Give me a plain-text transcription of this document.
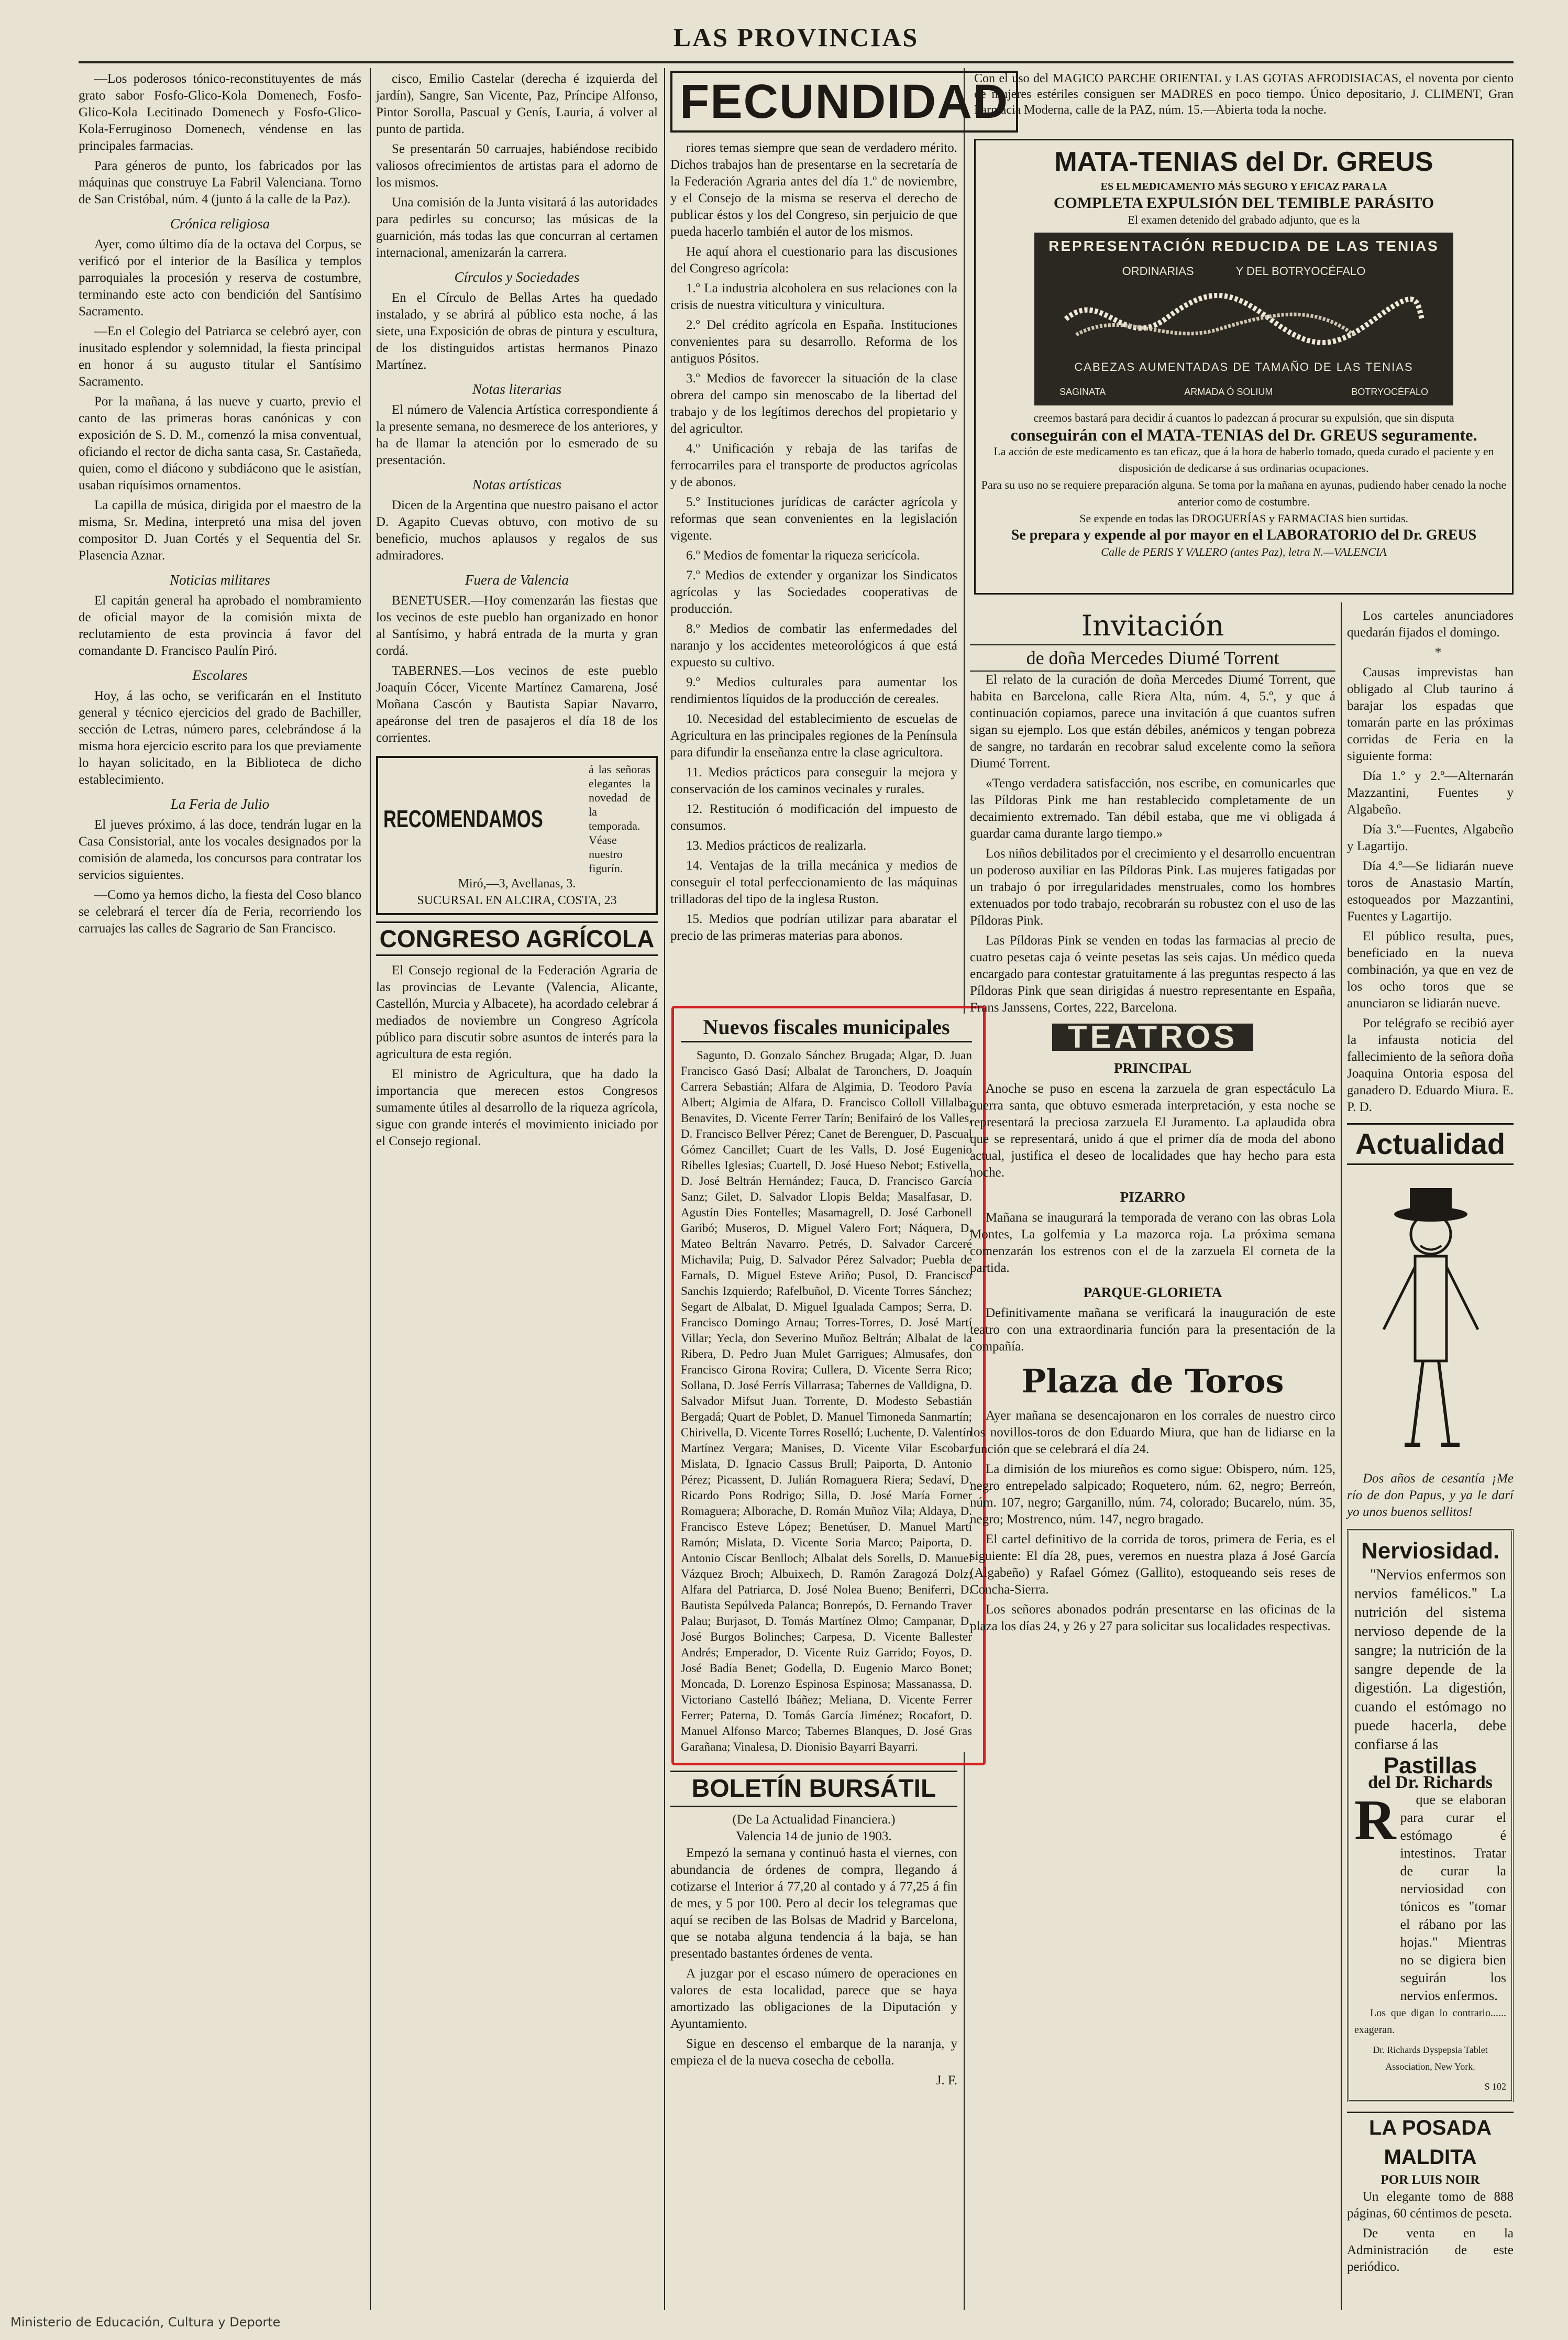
LAS PROVINCIAS

—Los poderosos tónico-reconstituyentes de más grato sabor Fosfo-Glico-Kola Domenech, Fosfo-Glico-Kola Lecitinado Domenech y Fosfo-Glico-Kola-Ferruginoso Domenech, véndense en las principales farmacias.

Para géneros de punto, los fabricados por las máquinas que construye La Fabril Valenciana. Torno de San Cristóbal, núm. 4 (junto á la calle de la Paz).

Crónica religiosa

Ayer, como último día de la octava del Corpus, se verificó por el interior de la Basílica y templos parroquiales la procesión y reserva de costumbre, terminando este acto con bendición del Santísimo Sacramento.

—En el Colegio del Patriarca se celebró ayer, con inusitado esplendor y solemnidad, la fiesta principal en honor á su augusto titular el Santísimo Sacramento.

Por la mañana, á las nueve y cuarto, previo el canto de las primeras horas canónicas y con exposición de S. D. M., comenzó la misa conventual, oficiando el rector de dicha santa casa, Sr. Castañeda, quien, como el diácono y subdiácono que le asistían, usaban riquísimos ornamentos.

La capilla de música, dirigida por el maestro de la misma, Sr. Medina, interpretó una misa del joven compositor D. Juan Cortés y el Sequentia del Sr. Plasencia Aznar.

Noticias militares

El capitán general ha aprobado el nombramiento de oficial mayor de la comisión mixta de reclutamiento de esta provincia á favor del comandante D. Francisco Paulín Piró.

Escolares

Hoy, á las ocho, se verificarán en el Instituto general y técnico ejercicios del grado de Bachiller, sección de Letras, número pares, celebrándose á la misma hora ejercicio escrito para los que previamente lo hayan solicitado, en la Biblioteca de dicho establecimiento.

La Feria de Julio

El jueves próximo, á las doce, tendrán lugar en la Casa Consistorial, ante los vocales designados por la comisión de alameda, los concursos para contratar los servicios siguientes.

—Como ya hemos dicho, la fiesta del Coso blanco se celebrará el tercer día de Feria, recorriendo los carruajes las calles de Sagrario de San Francisco.

cisco, Emilio Castelar (derecha é izquierda del jardín), Sangre, San Vicente, Paz, Príncipe Alfonso, Pintor Sorolla, Pascual y Genís, Lauria, á volver al punto de partida.

Se presentarán 50 carruajes, habiéndose recibido valiosos ofrecimientos de artistas para el adorno de los mismos.

Una comisión de la Junta visitará á las autoridades para pedirles su concurso; las músicas de la guarnición, más todas las que concurran al certamen internacional, amenizarán la carrera.

Círculos y Sociedades

En el Círculo de Bellas Artes ha quedado instalado, y se abrirá al público esta noche, á las siete, una Exposición de obras de pintura y escultura, de los distinguidos artistas hermanos Pinazo Martínez.

Notas literarias

El número de Valencia Artística correspondiente á la presente semana, no desmerece de los anteriores, y ha de llamar la atención por lo esmerado de su presentación.

Notas artísticas

Dicen de la Argentina que nuestro paisano el actor D. Agapito Cuevas obtuvo, con motivo de su beneficio, muchos aplausos y regalos de sus admiradores.

Fuera de Valencia

BENETUSER.—Hoy comenzarán las fiestas que los vecinos de este pueblo han organizado en honor al Santísimo, y habrá entrada de la murta y gran cordá.

TABERNES.—Los vecinos de este pueblo Joaquín Cócer, Vicente Martínez Camarena, José Moñana Cascón y Bautista Sapiar Navarro, apeáronse del tren de pasajeros el día 18 de los corrientes.

RECOMENDAMOS
á las señoras elegantes la novedad de la temporada. Véase nuestro figurín.
Miró,—3, Avellanas, 3.
SUCURSAL EN ALCIRA, COSTA, 23
CONGRESO AGRÍCOLA

El Consejo regional de la Federación Agraria de las provincias de Levante (Valencia, Alicante, Castellón, Murcia y Albacete), ha acordado celebrar á mediados de noviembre un Congreso Agrícola público para discutir sobre asuntos de interés para la agricultura de esta región.

El ministro de Agricultura, que ha dado la importancia que merecen estos Congresos sumamente útiles al desarrollo de la riqueza agrícola, sigue con grande interés el movimiento iniciado por el Consejo regional.

FECUNDIDAD

riores temas siempre que sean de verdadero mérito. Dichos trabajos han de presentarse en la secretaría de la Federación Agraria antes del día 1.º de noviembre, y el Consejo de la misma se reserva el derecho de publicar éstos y los del Congreso, sin perjuicio de que pueda hacerlo también el autor de los mismos.

He aquí ahora el cuestionario para las discusiones del Congreso agrícola:

1.º La industria alcoholera en sus relaciones con la crisis de nuestra viticultura y vinicultura.

2.º Del crédito agrícola en España. Instituciones convenientes para su desarrollo. Reforma de los antiguos Pósitos.

3.º Medios de favorecer la situación de la clase obrera del campo sin menoscabo de la libertad del trabajo y de los legítimos derechos del propietario y del agricultor.

4.º Unificación y rebaja de las tarifas de ferrocarriles para el transporte de productos agrícolas y de abonos.

5.º Instituciones jurídicas de carácter agrícola y reformas que sean convenientes en la legislación vigente.

6.º Medios de fomentar la riqueza sericícola.

7.º Medios de extender y organizar los Sindicatos agrícolas y las Sociedades cooperativas de producción.

8.º Medios de combatir las enfermedades del naranjo y los accidentes meteorológicos á que está expuesto su cultivo.

9.º Medios culturales para aumentar los rendimientos líquidos de la producción de cereales.

10. Necesidad del establecimiento de escuelas de Agricultura en las principales regiones de la Península para difundir la enseñanza entre la clase agricultora.

11. Medios prácticos para conseguir la mejora y conservación de los caminos vecinales y rurales.

12. Restitución ó modificación del impuesto de consumos.

13. Medios prácticos de realizarla.

14. Ventajas de la trilla mecánica y medios de conseguir el total perfeccionamiento de las máquinas trilladoras del tipo de la inglesa Ruston.

15. Medios que podrían utilizar para abaratar el precio de las primeras materias para abonos.

Con el uso del MAGICO PARCHE ORIENTAL y LAS GOTAS AFRODISIACAS, el noventa por ciento de mujeres estériles consiguen ser MADRES en poco tiempo. Único depositario, J. CLIMENT, Gran Farmacia Moderna, calle de la PAZ, núm. 15.—Abierta toda la noche.
Nuevos fiscales municipales

Sagunto, D. Gonzalo Sánchez Brugada; Algar, D. Juan Francisco Gasó Dasí; Albalat de Taronchers, D. Joaquín Carrera Sebastián; Alfara de Algimia, D. Teodoro Pavía Albert; Algimia de Alfara, D. Francisco Colloll Villalba; Benavites, D. Vicente Ferrer Tarín; Benifairó de los Valles, D. Francisco Bellver Pérez; Canet de Berenguer, D. Pascual Gómez Cancillet; Cuart de les Valls, D. José Eugenio Ribelles Iglesias; Cuartell, D. José Hueso Nebot; Estivella, D. José Beltrán Hernández; Fauca, D. Francisco García Sanz; Gilet, D. Salvador Llopis Belda; Masalfasar, D. Agustín Dies Fontelles; Masamagrell, D. José Carbonell Garibó; Museros, D. Miguel Valero Fort; Náquera, D. Mateo Beltrán Navarro. Petrés, D. Salvador Carceré Michavila; Puig, D. Salvador Pérez Salvador; Puebla de Farnals, D. Miguel Esteve Ariño; Pusol, D. Francisco Sanchis Izquierdo; Rafelbuñol, D. Vicente Torres Sánchez; Segart de Albalat, D. Miguel Igualada Campos; Serra, D. Francisco Domingo Arnau; Torres-Torres, D. José Martí Villar; Yecla, don Severino Muñoz Beltrán; Albalat de la Ribera, D. Pedro Juan Mulet Garrigues; Almusafes, don Francisco Girona Rovira; Cullera, D. Vicente Serra Rico; Sollana, D. José Ferrís Villarrasa; Tabernes de Valldigna, D. Salvador Mifsut Juan. Torrente, D. Modesto Sebastián Bergadá; Quart de Poblet, D. Manuel Timoneda Sanmartín; Chirivella, D. Vicente Torres Roselló; Luchente, D. Valentín Martínez Vergara; Manises, D. Vicente Vilar Escobar; Mislata, D. Ignacio Cassus Brull; Paiporta, D. Antonio Pérez; Picassent, D. Julián Romaguera Riera; Sedaví, D. Ricardo Pons Rodrigo; Silla, D. José María Forner Romaguera; Alborache, D. Román Muñoz Vila; Aldaya, D. Francisco Esteve López; Benetúser, D. Manuel Martí Ramón; Mislata, D. Vicente Soria Marco; Paiporta, D. Antonio Císcar Benlloch; Albalat dels Sorells, D. Manuel Vázquez Broch; Albuixech, D. Ramón Zaragozá Dolz; Alfara del Patriarca, D. José Nolea Bueno; Beniferri, D. Bautista Sepúlveda Palanca; Bonrepós, D. Fernando Traver Palau; Burjasot, D. Tomás Martínez Olmo; Campanar, D. José Burgos Bolinches; Carpesa, D. Vicente Ballester Andrés; Emperador, D. Vicente Ruiz Garrido; Foyos, D. José Badía Benet; Godella, D. Eugenio Marco Bonet; Moncada, D. Lorenzo Espinosa Espinosa; Massanassa, D. Victoriano Castelló Ibáñez; Meliana, D. Vicente Ferrer Ferrer; Paterna, D. Tomás García Jiménez; Rocafort, D. Manuel Alfonso Marco; Tabernes Blanques, D. José Gras Garañana; Vinalesa, D. Dionisio Bayarri Bayarri.

BOLETÍN BURSÁTIL
(De La Actualidad Financiera.)
Valencia 14 de junio de 1903.

Empezó la semana y continuó hasta el viernes, con abundancia de órdenes de compra, llegando á cotizarse el Interior á 77,20 al contado y á 77,25 á fin de mes, y 5 por 100. Pero al decir los telegramas que aquí se reciben de las Bolsas de Madrid y Barcelona, que se notaba alguna tendencia á la baja, se han presentado bastantes órdenes de venta.

A juzgar por el escaso número de operaciones en valores de esta localidad, parece que se haya amortizado las obligaciones de la Diputación y Ayuntamiento.

Sigue en descenso el embarque de la naranja, y empieza el de la nueva cosecha de cebolla.

J. F.
MATA-TENIAS del Dr. GREUS
ES EL MEDICAMENTO MÁS SEGURO Y EFICAZ PARA LA
COMPLETA EXPULSIÓN DEL TEMIBLE PARÁSITO
El examen detenido del grabado adjunto, que es la
REPRESENTACIÓN REDUCIDA DE LAS TENIAS
ORDINARIAS	Y DEL BOTRYOCÉFALO
CABEZAS AUMENTADAS DE TAMAÑO DE LAS TENIAS
SAGINATA	ARMADA Ó SOLIUM	BOTRYOCÉFALO
creemos bastará para decidir á cuantos lo padezcan á procurar su expulsión, que sin disputa
conseguirán con el MATA-TENIAS del Dr. GREUS seguramente.
La acción de este medicamento es tan eficaz, que á la hora de haberlo tomado, queda curado el paciente y en disposición de dedicarse á sus ordinarias ocupaciones.
Para su uso no se requiere preparación alguna. Se toma por la mañana en ayunas, pudiendo haber cenado la noche anterior como de costumbre.
Se expende en todas las DROGUERÍAS y FARMACIAS bien surtidas.
Se prepara y expende al por mayor en el LABORATORIO del Dr. GREUS
Calle de PERIS Y VALERO (antes Paz), letra N.—VALENCIA
Invitación
de doña Mercedes Diumé Torrent

El relato de la curación de doña Mercedes Diumé Torrent, que habita en Barcelona, calle Riera Alta, núm. 4, 5.º, y que á continuación copiamos, parece una invitación á que cuantos sufren sigan su ejemplo. Los que están débiles, anémicos y tengan pobreza de sangre, no tardarán en recobrar salud excelente como la señora Diumé Torrent.

«Tengo verdadera satisfacción, nos escribe, en comunicarles que las Píldoras Pink me han restablecido completamente de un decaimiento extremado. Tan débil estaba, que me vi obligada á guardar cama durante largo tiempo.»

Los niños debilitados por el crecimiento y el desarrollo encuentran un poderoso auxiliar en las Píldoras Pink. Las mujeres fatigadas por un trabajo ó por irregularidades menstruales, como los hombres extenuados por todo trabajo, recobrarán su robustez con el uso de las Píldoras Pink.

Las Píldoras Pink se venden en todas las farmacias al precio de cuatro pesetas caja ó veinte pesetas las seis cajas. Un médico queda encargado para contestar gratuitamente á las preguntas respecto á las Píldoras Pink que sean dirigidas á nuestro representante en España, Frans Janssens, Cortes, 222, Barcelona.

TEATROS
PRINCIPAL

Anoche se puso en escena la zarzuela de gran espectáculo La guerra santa, que obtuvo esmerada interpretación, y esta noche se representará la preciosa zarzuela El Juramento. La aplaudida obra que se representará, unido á que el primer día de moda del abono actual, justifica el deseo de localidades que hay hecho para esta noche.

PIZARRO

Mañana se inaugurará la temporada de verano con las obras Lola Montes, La golfemia y La mazorca roja. La próxima semana comenzarán los estrenos con el de la zarzuela El corneta de la partida.

PARQUE-GLORIETA

Definitivamente mañana se verificará la inauguración de este teatro con una extraordinaria función para la presentación de la compañía.

Plaza de Toros

Ayer mañana se desencajonaron en los corrales de nuestro circo los novillos-toros de don Eduardo Miura, que han de lidiarse en la función que se celebrará el día 24.

La dimisión de los miureños es como sigue: Obispero, núm. 125, negro entrepelado salpicado; Roquetero, núm. 62, negro; Berreón, núm. 107, negro; Garganillo, núm. 74, colorado; Bucarelo, núm. 35, negro; Mostrenco, núm. 147, negro bragado.

El cartel definitivo de la corrida de toros, primera de Feria, es el siguiente: El día 28, pues, veremos en nuestra plaza á José García (Algabeño) y Rafael Gómez (Gallito), estoqueando seis reses de Concha-Sierra.

Los señores abonados podrán presentarse en las oficinas de la plaza los días 24, y 26 y 27 para solicitar sus localidades respectivas.

Los carteles anunciadores quedarán fijados el domingo.

*

Causas imprevistas han obligado al Club taurino á barajar los espadas que tomarán parte en las próximas corridas de Feria en la siguiente forma:

Día 1.º y 2.º—Alternarán Mazzantini, Fuentes y Algabeño.

Día 3.º—Fuentes, Algabeño y Lagartijo.

Día 4.º—Se lidiarán nueve toros de Anastasio Martín, estoqueados por Mazzantini, Fuentes y Lagartijo.

El público resulta, pues, beneficiado en la nueva combinación, ya que en vez de los ocho toros que se anunciaron se lidiarán nueve.

Por telégrafo se recibió ayer la infausta noticia del fallecimiento de la señora doña Joaquina Ontoria esposa del ganadero D. Eduardo Miura. E. P. D.

Actualidad

Dos años de cesantía ¡Me río de don Papus, y ya le darí yo unos buenos sellitos!

Nerviosidad.

"Nervios enfermos son nervios famélicos." La nutrición del sistema nervioso depende de la sangre; la nutrición de la sangre depende de la digestión. La digestión, cuando el estómago no puede hacerla, debe confiarse á las

Pastillas
del Dr. Richards
R	que se elaboran para curar el estómago é intestinos. Tratar de curar la nerviosidad con tónicos es "tomar el rábano por las hojas." Mientras no se digiera bien seguirán los nervios enfermos.

Los que digan lo contrario...... exageran.

Dr. Richards Dyspepsia Tablet Association, New York.

S 102
LA POSADA MALDITA
POR LUIS NOIR

Un elegante tomo de 888 páginas, 60 céntimos de peseta.

De venta en la Administración de este periódico.

Ministerio de Educación, Cultura y Deporte
